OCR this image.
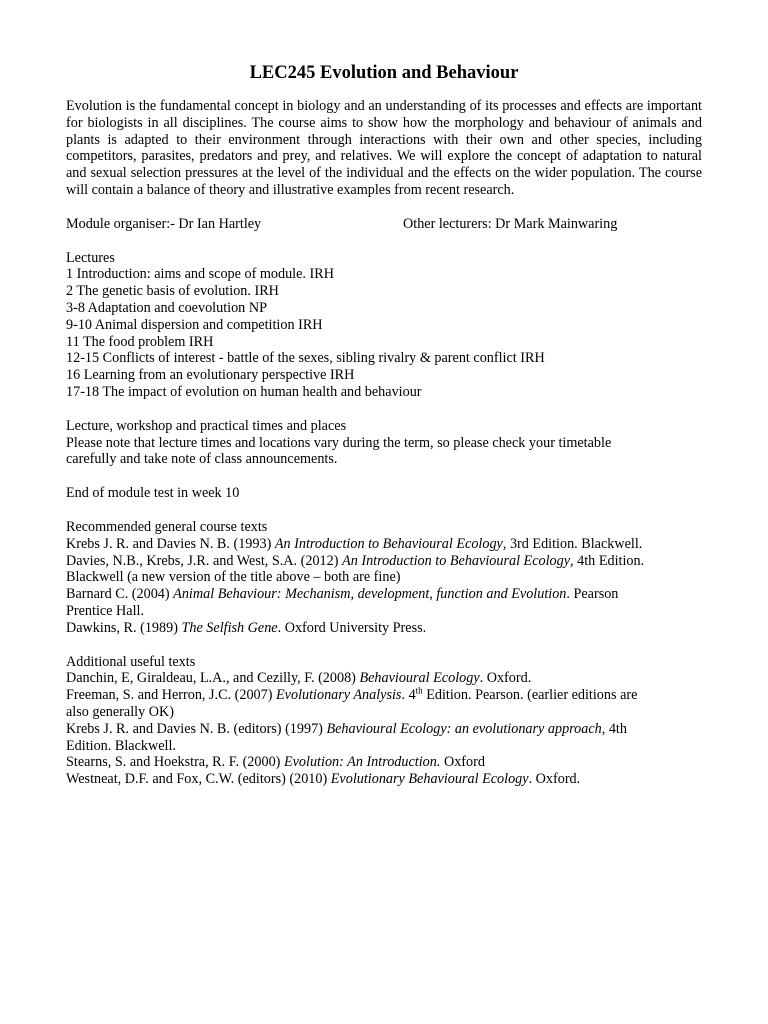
LEC245 Evolution and Behaviour

Evolution is the fundamental concept in biology and an understanding of its processes and effects are important for biologists in all disciplines. The course aims to show how the morphology and behaviour of animals and plants is adapted to their environment through interactions with their own and other species, including competitors, parasites, predators and prey, and relatives. We will explore the concept of adaptation to natural and sexual selection pressures at the level of the individual and the effects on the wider population. The course will contain a balance of theory and illustrative examples from recent research.

Module organiser:- Dr Ian Hartley	Other lecturers: Dr Mark Mainwaring
Lectures
1 Introduction: aims and scope of module. IRH
2 The genetic basis of evolution. IRH
3-8 Adaptation and coevolution NP
9-10 Animal dispersion and competition IRH
11 The food problem IRH
12-15 Conflicts of interest - battle of the sexes, sibling rivalry & parent conflict IRH
16 Learning from an evolutionary perspective IRH
17-18 The impact of evolution on human health and behaviour
Lecture, workshop and practical times and places
Please note that lecture times and locations vary during the term, so please check your timetable
carefully and take note of class announcements.
End of module test in week 10
Recommended general course texts
Krebs J. R. and Davies N. B. (1993) An Introduction to Behavioural Ecology, 3rd Edition. Blackwell.
Davies, N.B., Krebs, J.R. and West, S.A. (2012) An Introduction to Behavioural Ecology, 4th Edition.
Blackwell (a new version of the title above – both are fine)
Barnard C. (2004) Animal Behaviour: Mechanism, development, function and Evolution. Pearson
Prentice Hall.
Dawkins, R. (1989) The Selfish Gene. Oxford University Press.
Additional useful texts
Danchin, E, Giraldeau, L.A., and Cezilly, F. (2008) Behavioural Ecology. Oxford.
Freeman, S. and Herron, J.C. (2007) Evolutionary Analysis. 4th Edition. Pearson. (earlier editions are
also generally OK)
Krebs J. R. and Davies N. B. (editors) (1997) Behavioural Ecology: an evolutionary approach, 4th
Edition. Blackwell.
Stearns, S. and Hoekstra, R. F. (2000) Evolution: An Introduction. Oxford
Westneat, D.F. and Fox, C.W. (editors) (2010) Evolutionary Behavioural Ecology. Oxford.
